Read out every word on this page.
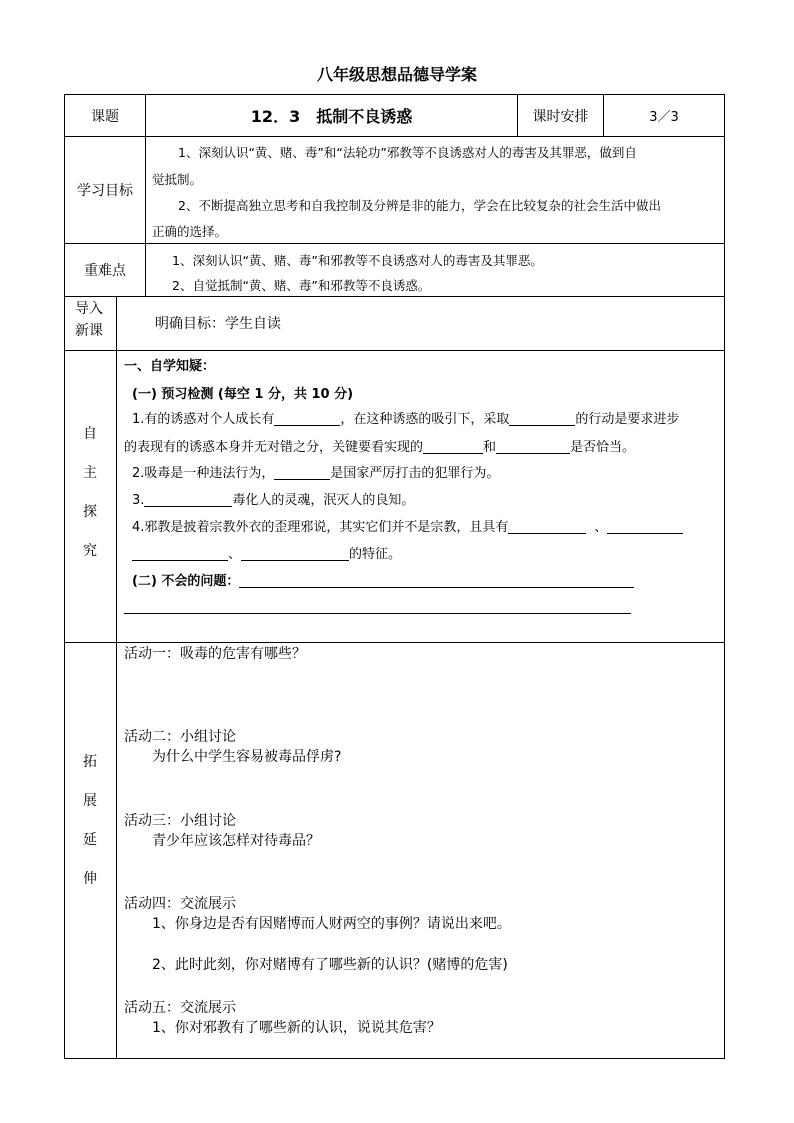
八年级思想品德导学案
课题	12．3　抵制不良诱惑	课时安排	3／3
学习目标
1、深刻认识“黄、赌、毒”和“法轮功”邪教等不良诱惑对人的毒害及其罪恶，做到自
觉抵制。
2、不断提高独立思考和自我控制及分辨是非的能力，学会在比较复杂的社会生活中做出
正确的选择。
重难点
1、深刻认识“黄、赌、毒”和邪教等不良诱惑对人的毒害及其罪恶。
2、自觉抵制“黄、赌、毒”和邪教等不良诱惑。
导入
新课	明确目标：学生自读
自
主
探
究
一、自学知疑：
(一) 预习检测 (每空 1 分，共 10 分)
1.有的诱惑对个人成长有	，在这种诱惑的吸引下，采取	的行动是要求进步
的表现有的诱惑本身并无对错之分，关键要看实现的	和	是否恰当。
2.吸毒是一种违法行为，	是国家严厉打击的犯罪行为。
3.	毒化人的灵魂，泯灭人的良知。
4.邪教是披着宗教外衣的歪理邪说，其实它们并不是宗教，且具有	、
、	的特征。
(二) 不会的问题：
拓
展
延
伸
活动一：吸毒的危害有哪些？
活动二：小组讨论
为什么中学生容易被毒品俘虏?
活动三：小组讨论
青少年应该怎样对待毒品？
活动四：交流展示
1、你身边是否有因赌博而人财两空的事例？请说出来吧。
2、此时此刻，你对赌博有了哪些新的认识？(赌博的危害)
活动五：交流展示
1、你对邪教有了哪些新的认识，说说其危害？
